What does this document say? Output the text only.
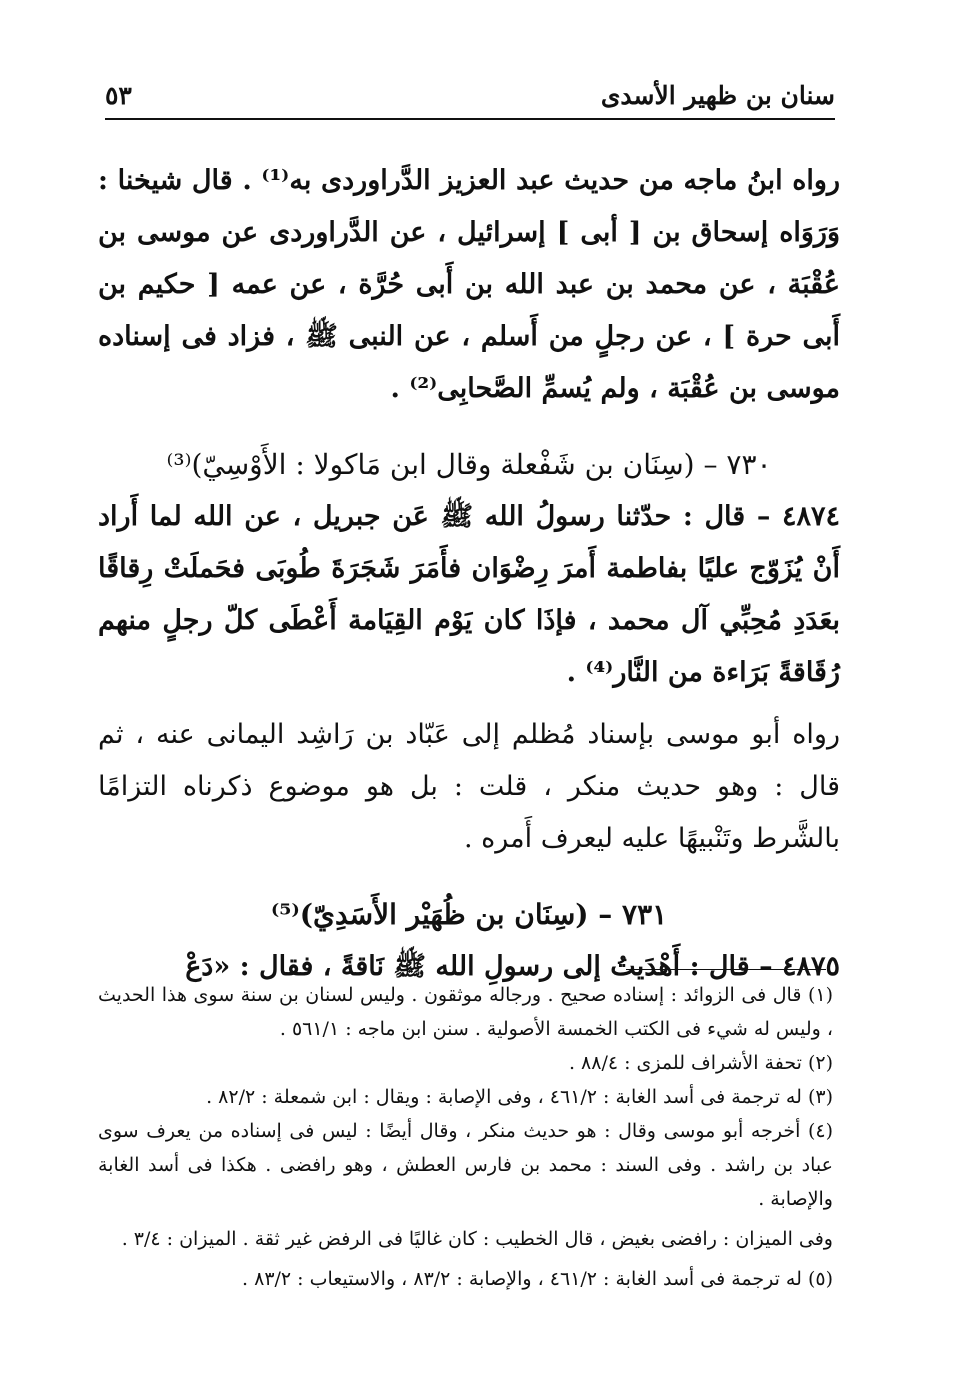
سنان بن ظهير الأسدى
٥٣

رواه ابنُ ماجه من حديث عبد العزيز الدَّراوردى به⁽¹⁾ . قال شيخنا : وَرَوَاه إسحاق بن [ أبى ] إسرائيل ، عن الدَّراوردى عن موسى بن عُقْبَة ، عن محمد بن عبد الله بن أَبى حُرَّة ، عن عمه [ حكيم بن أَبى حرة ] ، عن رجلٍ من أَسلم ، عن النبى ﷺ ، فزاد فى إسناده موسى بن عُقْبَة ، ولم يُسمِّ الصَّحابِى⁽²⁾ .

٧٣٠ – (سِنَان بن شَفْعلة وقال ابن مَاكولا : الأَوْسِيّ)⁽³⁾

٤٨٧٤ – قال : حدّثنا رسولُ الله ﷺ عَن جبريل ، عن الله لما أَراد أَنْ يُزَوّج عليًا بفاطمة أَمرَ رِضْوَان فأَمَرَ شَجَرَةَ طُوبَى فحَملَتْ رِقاقًا بعَدَدِ مُحِبِّي آل محمد ، فإذَا كان يَوْم القِيَامة أَعْطَى كلّ رجلٍ منهم رُقَاقةً بَرَاءة من النَّار⁽⁴⁾ .

رواه أبو موسى بإسناد مُظلم إلى عَبّاد بن رَاشِد اليمانى عنه ، ثم قال : وهو حديث منكر ، قلت : بل هو موضوع ذكرناه التزامًا بالشَّرط وتَنْبيهًا عليه ليعرف أَمره .

٧٣١ – (سِنَان بن ظُهَيْر الأَسَدِيّ)⁽⁵⁾

٤٨٧٥ – قال : أَهْدَيتُ إلى رسولِ الله ﷺ نَاقةً ، فقال : «دَعْ

(١) قال فى الزوائد : إسناده صحيح . ورجاله موثقون . وليس لسنان بن سنة سوى هذا الحديث ، وليس له شيء فى الكتب الخمسة الأصولية . سنن ابن ماجه : ٥٦١/١ .

(٢) تحفة الأشراف للمزى : ٨٨/٤ .

(٣) له ترجمة فى أسد الغابة : ٤٦١/٢ ، وفى الإصابة : ويقال : ابن شمعلة : ٨٢/٢ .

(٤) أخرجه أبو موسى وقال : هو حديث منكر ، وقال أيضًا : ليس فى إسناده من يعرف سوى عباد بن راشد . وفى السند : محمد بن فارس العطش ، وهو رافضى . هكذا فى أسد الغابة والإصابة .

وفى الميزان : رافضى بغيض ، قال الخطيب : كان غاليًا فى الرفض غير ثقة . الميزان : ٣/٤ .

(٥) له ترجمة فى أسد الغابة : ٤٦١/٢ ، والإصابة : ٨٣/٢ ، والاستيعاب : ٨٣/٢ .
